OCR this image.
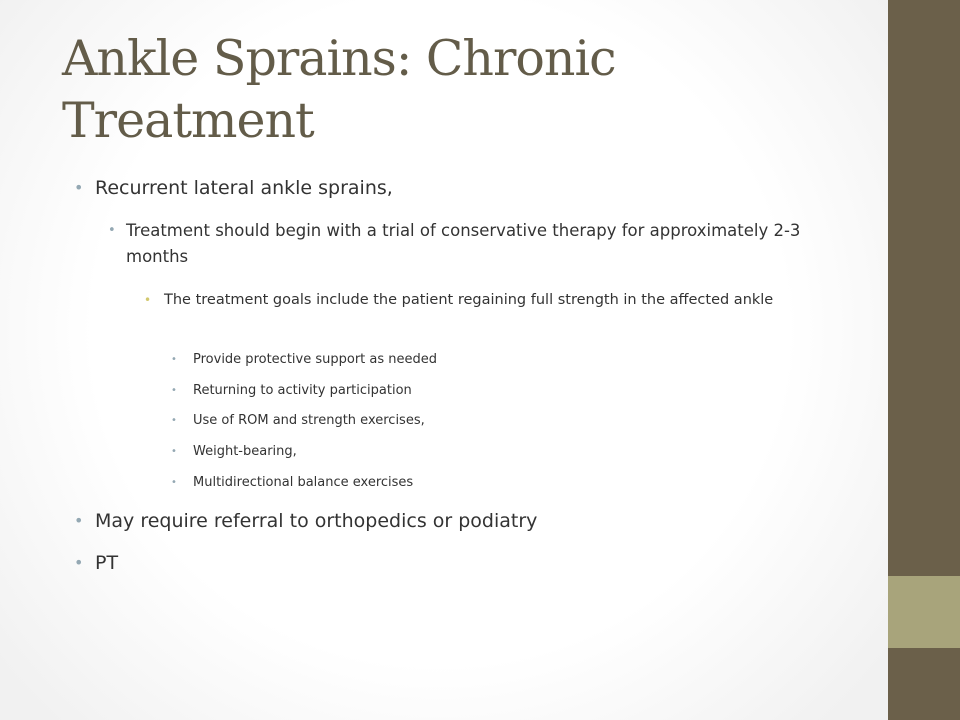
Ankle Sprains: Chronic Treatment

• Recurrent lateral ankle sprains,

• Treatment should begin with a trial of conservative therapy for approximately 2-3 months

• The treatment goals include the patient regaining full strength in the affected ankle

• Provide protective support as needed

• Returning to activity participation

• Use of ROM and strength exercises,

• Weight-bearing,

• Multidirectional balance exercises

• May require referral to orthopedics or podiatry

• PT
